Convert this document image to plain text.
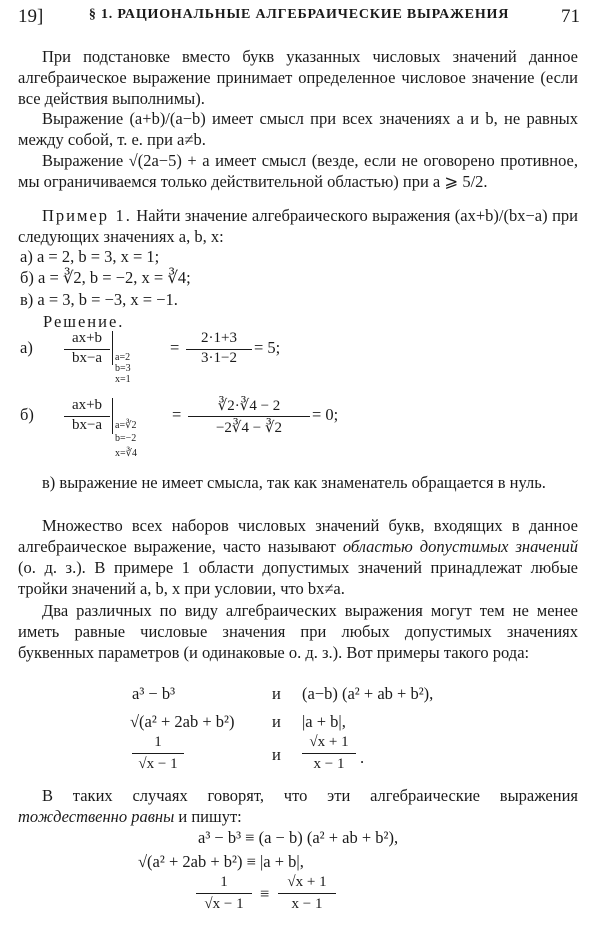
19]	§ 1. РАЦИОНАЛЬНЫЕ АЛГЕБРАИЧЕСКИЕ ВЫРАЖЕНИЯ	71
При подстановке вместо букв указанных числовых значений данное алгебраическое выражение принимает определенное числовое значение (если все действия выполнимы).
Выражение (a+b)/(a−b) имеет смысл при всех значениях a и b, не равных между собой, т. е. при a≠b.
Выражение √(2a−5) + a имеет смысл (везде, если не оговорено противное, мы ограничиваемся только действительной областью) при a ⩾ 5/2.
Пример 1. Найти значение алгебраического выражения (ax+b)/(bx−a) при следующих значениях a, b, x:
а) a = 2, b = 3, x = 1;
б) a = ∛2, b = −2, x = ∛4;
в) a = 3, b = −3, x = −1.
Решение.
а)	ax+b
bx−a	a=2
b=3
x=1
=	2·1+3
3·1−2
= 5;
б)	ax+b
bx−a	a=∛2
b=−2
x=∛4
=	∛2·∛4 − 2
−2∛4 − ∛2
= 0;
в) выражение не имеет смысла, так как знаменатель обращается в нуль.
Множество всех наборов числовых значений букв, входящих в данное алгебраическое выражение, часто называют областью допустимых значений (о. д. з.). В примере 1 области допустимых значений принадлежат любые тройки значений a, b, x при условии, что bx≠a.
Два различных по виду алгебраических выражения могут тем не менее иметь равные числовые значения при любых допустимых значениях буквенных параметров (и одинаковые о. д. з.). Вот примеры такого рода:
a³ − b³	и (a−b) (a² + ab + b²),
√(a² + 2ab + b²) и |a + b|,
1
√x − 1	и
√x + 1
x − 1 .
В таких случаях говорят, что эти алгебраические выражения тождественно равны и пишут:
a³ − b³ ≡ (a − b) (a² + ab + b²),
√(a² + 2ab + b²) ≡ |a + b|,
1
√x − 1
≡
√x + 1
x − 1
